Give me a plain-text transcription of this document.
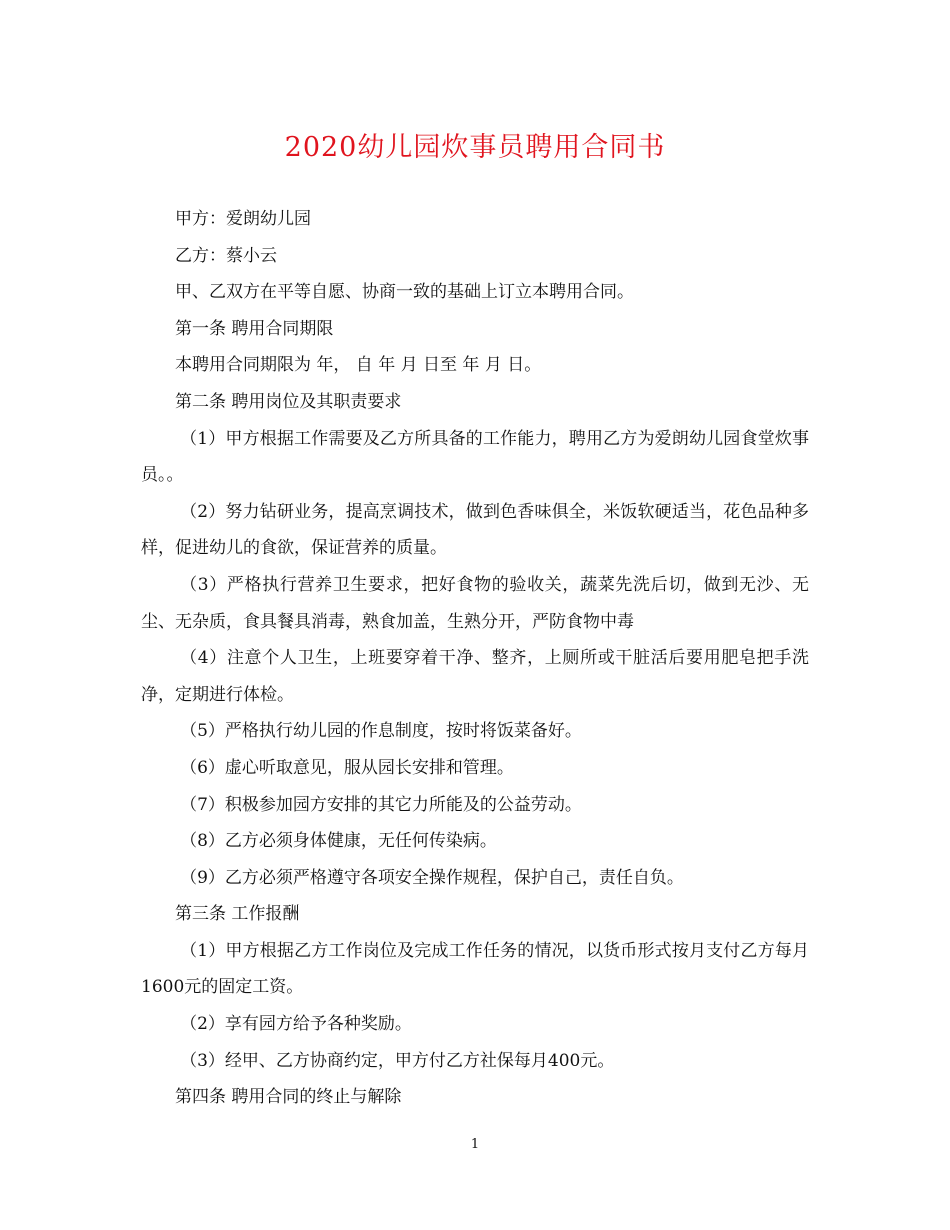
2020幼儿园炊事员聘用合同书

甲方：爱朗幼儿园

乙方：蔡小云

甲、乙双方在平等自愿、协商一致的基础上订立本聘用合同。

第一条 聘用合同期限

本聘用合同期限为 年， 自 年 月 日至 年 月 日。

第二条 聘用岗位及其职责要求

（1）甲方根据工作需要及乙方所具备的工作能力，聘用乙方为爱朗幼儿园食堂炊事员。。

（2）努力钻研业务，提高烹调技术，做到色香味俱全，米饭软硬适当，花色品种多样，促进幼儿的食欲，保证营养的质量。

（3）严格执行营养卫生要求，把好食物的验收关，蔬菜先洗后切，做到无沙、无尘、无杂质，食具餐具消毒，熟食加盖，生熟分开，严防食物中毒

（4）注意个人卫生，上班要穿着干净、整齐，上厕所或干脏活后要用肥皂把手洗净，定期进行体检。

（5）严格执行幼儿园的作息制度，按时将饭菜备好。

（6）虚心听取意见，服从园长安排和管理。

（7）积极参加园方安排的其它力所能及的公益劳动。

（8）乙方必须身体健康，无任何传染病。

（9）乙方必须严格遵守各项安全操作规程，保护自己，责任自负。

第三条 工作报酬

（1）甲方根据乙方工作岗位及完成工作任务的情况，以货币形式按月支付乙方每月1600元的固定工资。

（2）享有园方给予各种奖励。

（3）经甲、乙方协商约定，甲方付乙方社保每月400元。

第四条 聘用合同的终止与解除

1
